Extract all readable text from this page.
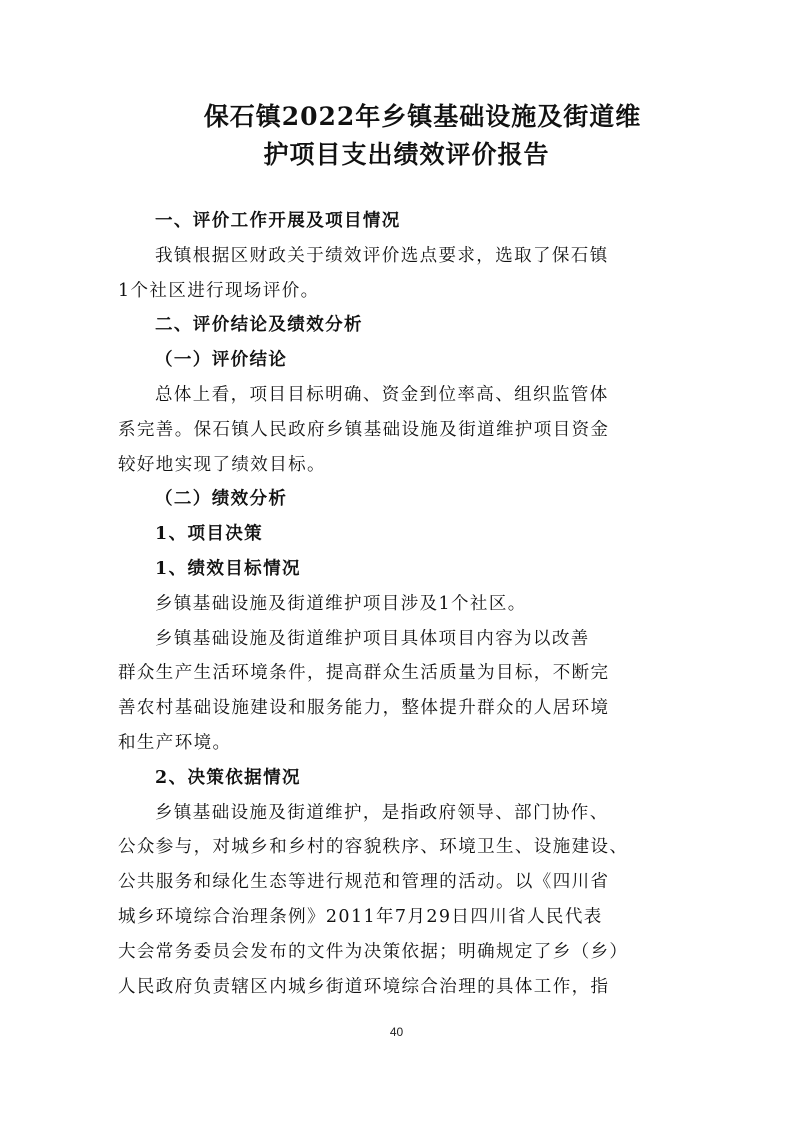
保石镇2022年乡镇基础设施及街道维
护项目支出绩效评价报告
一、评价工作开展及项目情况
我镇根据区财政关于绩效评价选点要求，选取了保石镇
1个社区进行现场评价。
二、评价结论及绩效分析
（一）评价结论
总体上看，项目目标明确、资金到位率高、组织监管体
系完善。保石镇人民政府乡镇基础设施及街道维护项目资金
较好地实现了绩效目标。
（二）绩效分析
1、项目决策
1、绩效目标情况
乡镇基础设施及街道维护项目涉及1个社区。
乡镇基础设施及街道维护项目具体项目内容为以改善
群众生产生活环境条件，提高群众生活质量为目标，不断完
善农村基础设施建设和服务能力，整体提升群众的人居环境
和生产环境。
2、决策依据情况
乡镇基础设施及街道维护，是指政府领导、部门协作、
公众参与，对城乡和乡村的容貌秩序、环境卫生、设施建设、
公共服务和绿化生态等进行规范和管理的活动。以《四川省
城乡环境综合治理条例》2011年7月29日四川省人民代表
大会常务委员会发布的文件为决策依据；明确规定了乡（乡）
人民政府负责辖区内城乡街道环境综合治理的具体工作，指
40
